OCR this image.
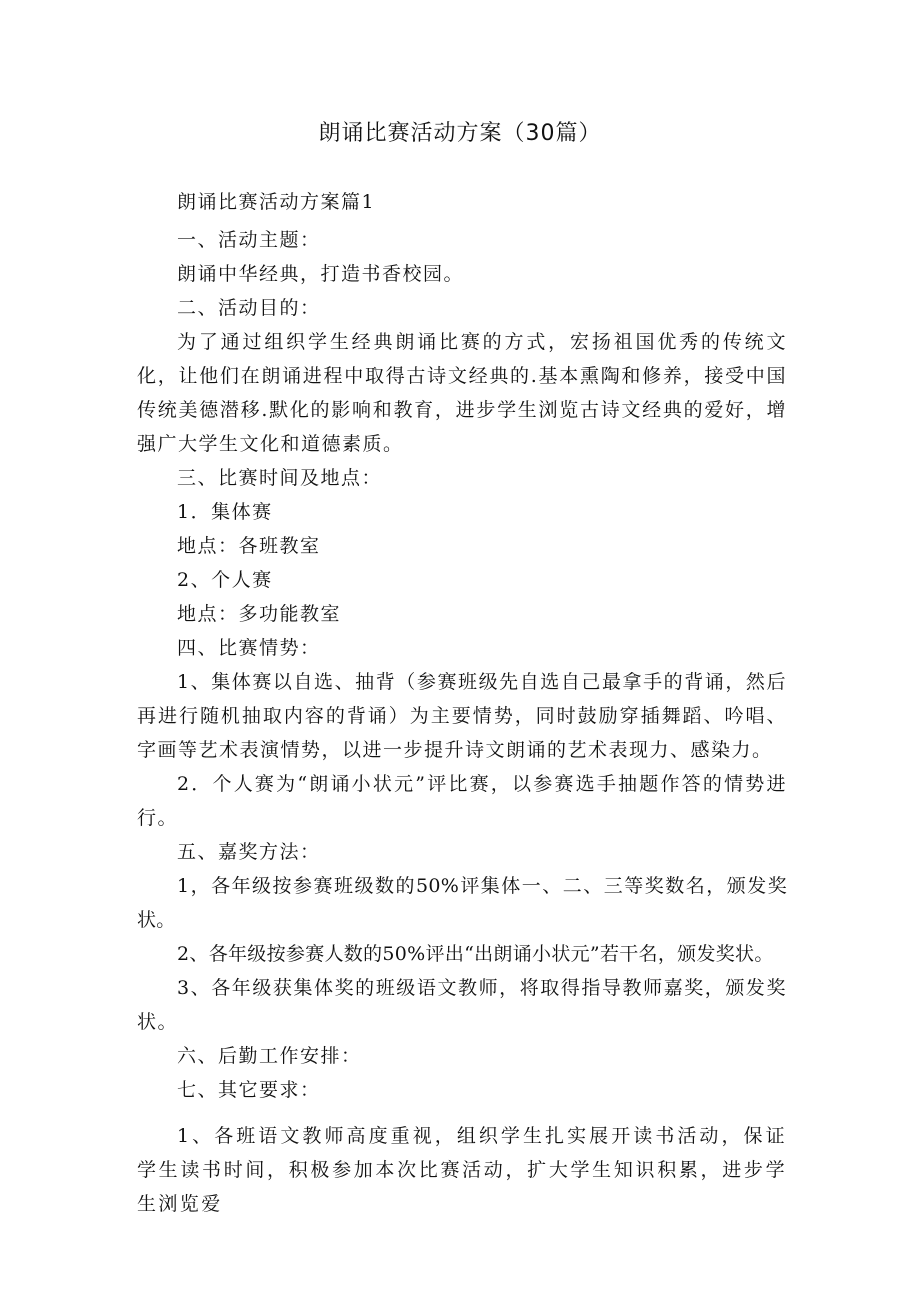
朗诵比赛活动方案（30篇）

朗诵比赛活动方案篇1

一、活动主题：

朗诵中华经典，打造书香校园。

二、活动目的：

为了通过组织学生经典朗诵比赛的方式，宏扬祖国优秀的传统文化，让他们在朗诵进程中取得古诗文经典的.基本熏陶和修养，接受中国传统美德潜移.默化的影响和教育，进步学生浏览古诗文经典的爱好，增强广大学生文化和道德素质。

三、比赛时间及地点：

1．集体赛

地点：各班教室

2、个人赛

地点：多功能教室

四、比赛情势：

1、集体赛以自选、抽背（参赛班级先自选自己最拿手的背诵，然后再进行随机抽取内容的背诵）为主要情势，同时鼓励穿插舞蹈、吟唱、字画等艺术表演情势，以进一步提升诗文朗诵的艺术表现力、感染力。

2．个人赛为“朗诵小状元”评比赛，以参赛选手抽题作答的情势进行。

五、嘉奖方法：

1，各年级按参赛班级数的50%评集体一、二、三等奖数名，颁发奖状。

2、各年级按参赛人数的50%评出“出朗诵小状元”若干名，颁发奖状。

3、各年级获集体奖的班级语文教师，将取得指导教师嘉奖，颁发奖状。

六、后勤工作安排：

七、其它要求：

1、各班语文教师高度重视，组织学生扎实展开读书活动，保证学生读书时间，积极参加本次比赛活动，扩大学生知识积累，进步学生浏览爱
